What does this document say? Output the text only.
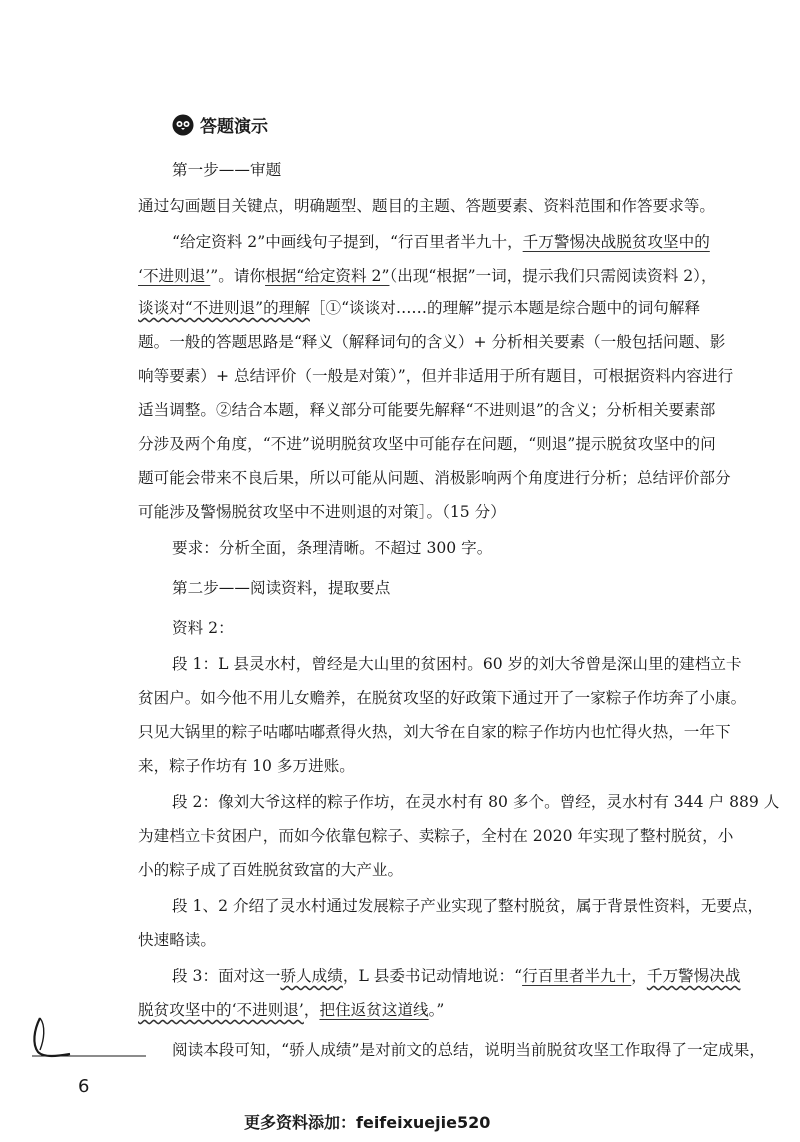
答题演示
第一步——审题
通过勾画题目关键点，明确题型、题目的主题、答题要素、资料范围和作答要求等。
“给定资料 2”中画线句子提到，“行百里者半九十，千万警惕决战脱贫攻坚中的
‘不进则退’”。请你根据“给定资料 2”（出现“根据”一词，提示我们只需阅读资料 2），
谈谈对“不进则退”的理解［①“谈谈对……的理解”提示本题是综合题中的词句解释
题。一般的答题思路是“释义（解释词句的含义）+ 分析相关要素（一般包括问题、影
响等要素）+ 总结评价（一般是对策）”，但并非适用于所有题目，可根据资料内容进行
适当调整。②结合本题，释义部分可能要先解释“不进则退”的含义；分析相关要素部
分涉及两个角度，“不进”说明脱贫攻坚中可能存在问题，“则退”提示脱贫攻坚中的问
题可能会带来不良后果，所以可能从问题、消极影响两个角度进行分析；总结评价部分
可能涉及警惕脱贫攻坚中不进则退的对策］。（15 分）
要求：分析全面，条理清晰。不超过 300 字。
第二步——阅读资料，提取要点
资料 2：
段 1：L 县灵水村，曾经是大山里的贫困村。60 岁的刘大爷曾是深山里的建档立卡
贫困户。如今他不用儿女赡养，在脱贫攻坚的好政策下通过开了一家粽子作坊奔了小康。
只见大锅里的粽子咕嘟咕嘟煮得火热，刘大爷在自家的粽子作坊内也忙得火热，一年下
来，粽子作坊有 10 多万进账。
段 2：像刘大爷这样的粽子作坊，在灵水村有 80 多个。曾经，灵水村有 344 户 889 人
为建档立卡贫困户，而如今依靠包粽子、卖粽子，全村在 2020 年实现了整村脱贫，小
小的粽子成了百姓脱贫致富的大产业。
段 1、2 介绍了灵水村通过发展粽子产业实现了整村脱贫，属于背景性资料，无要点，
快速略读。
段 3：面对这一骄人成绩，L 县委书记动情地说：“行百里者半九十，千万警惕决战
脱贫攻坚中的‘不进则退’，把住返贫这道线。”
阅读本段可知，“骄人成绩”是对前文的总结，说明当前脱贫攻坚工作取得了一定成果，
6
更多资料添加：feifeixuejie520
